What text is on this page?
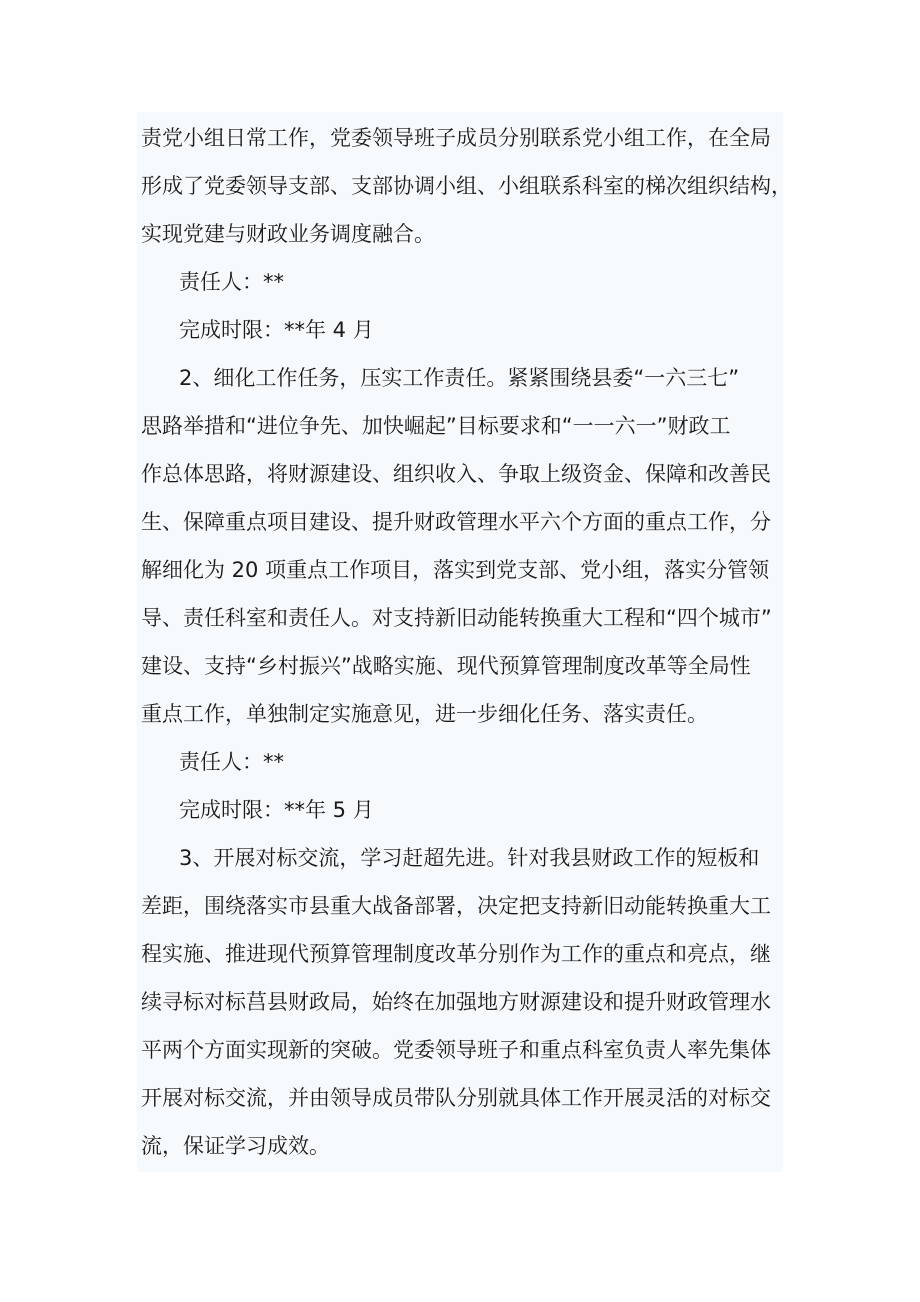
责党小组日常工作，党委领导班子成员分别联系党小组工作，在全局
形成了党委领导支部、支部协调小组、小组联系科室的梯次组织结构，
实现党建与财政业务调度融合。
责任人：**
完成时限：**年 4 月
2、细化工作任务，压实工作责任。紧紧围绕县委“一六三七”
思路举措和“进位争先、加快崛起”目标要求和“一一六一”财政工
作总体思路，将财源建设、组织收入、争取上级资金、保障和改善民
生、保障重点项目建设、提升财政管理水平六个方面的重点工作，分
解细化为 20 项重点工作项目，落实到党支部、党小组，落实分管领
导、责任科室和责任人。对支持新旧动能转换重大工程和“四个城市”
建设、支持“乡村振兴”战略实施、现代预算管理制度改革等全局性
重点工作，单独制定实施意见，进一步细化任务、落实责任。
责任人：**
完成时限：**年 5 月
3、开展对标交流，学习赶超先进。针对我县财政工作的短板和
差距，围绕落实市县重大战备部署，决定把支持新旧动能转换重大工
程实施、推进现代预算管理制度改革分别作为工作的重点和亮点，继
续寻标对标莒县财政局，始终在加强地方财源建设和提升财政管理水
平两个方面实现新的突破。党委领导班子和重点科室负责人率先集体
开展对标交流，并由领导成员带队分别就具体工作开展灵活的对标交
流，保证学习成效。
